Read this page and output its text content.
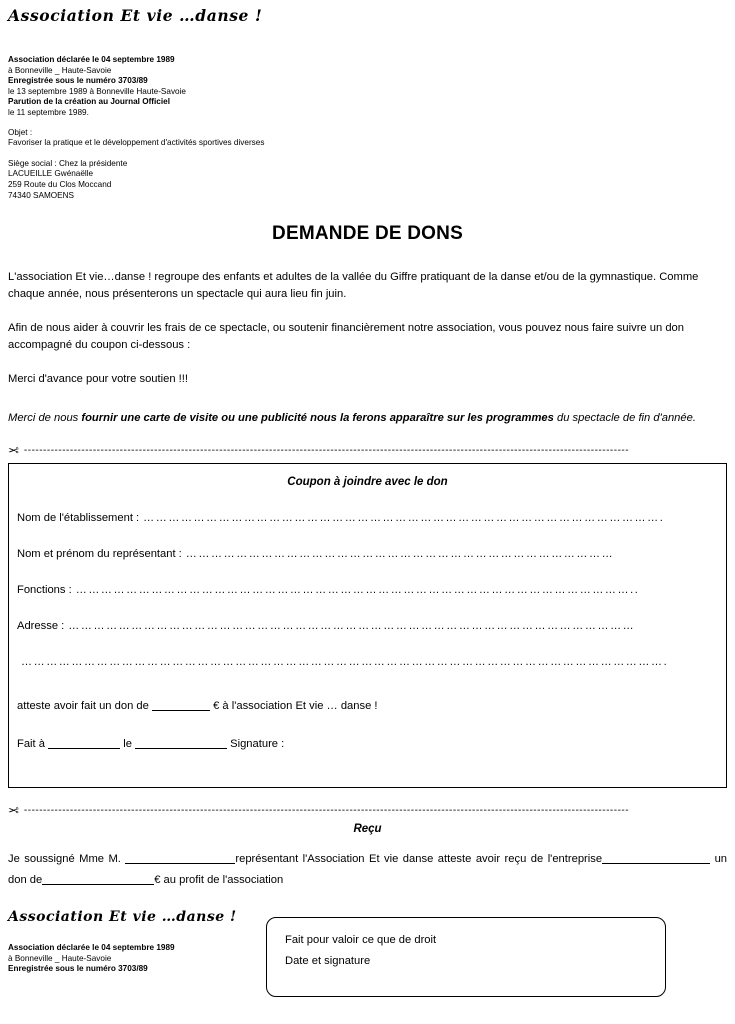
Association Et vie …danse !
Association déclarée le 04 septembre 1989
à Bonneville _ Haute-Savoie
Enregistrée sous le numéro 3703/89
le 13 septembre 1989 à Bonneville Haute-Savoie
Parution de la création au Journal Officiel
le 11 septembre 1989.
Objet :
Favoriser la pratique et le développement d'activités sportives diverses
Siège social : Chez la présidente
LACUEILLE Gwénaëlle
259 Route du Clos Moccand
74340 SAMOENS
DEMANDE DE DONS

L'association Et vie…danse ! regroupe des enfants et adultes de la vallée du Giffre pratiquant de la danse et/ou de la gymnastique. Comme chaque année, nous présenterons un spectacle qui aura lieu fin juin.

Afin de nous aider à couvrir les frais de ce spectacle, ou soutenir financièrement notre association, vous pouvez nous faire suivre un don accompagné du coupon ci-dessous :

Merci d'avance pour votre soutien !!!

Merci de nous fournir une carte de visite ou une publicité nous la ferons apparaître sur les programmes du spectacle de fin d'année.

✂ --------------------------------------------------------------------------------------------------------------------------------------------------------------
Coupon à joindre avec le don
Nom de l'établissement : …………………………………………………………………………………………………………….
Nom et prénom du représentant : …………………………………………………………………………………………
Fonctions : ……………………………………………………………………………………………………………………..
Adresse : ………………………………………………………………………………………………………………………
……………………………………………………………………………………………………………………………………….
atteste avoir fait un don de	€ à l'association Et vie … danse !
Fait à	le	Signature :
✂ --------------------------------------------------------------------------------------------------------------------------------------------------------------
Reçu
Je soussigné Mme M.	représentant l'Association Et vie danse atteste avoir reçu de l'entreprise	un don de	€ au profit de l'association
Association Et vie …danse !
Association déclarée le 04 septembre 1989
à Bonneville _ Haute-Savoie
Enregistrée sous le numéro 3703/89
Fait pour valoir ce que de droit
Date et signature
